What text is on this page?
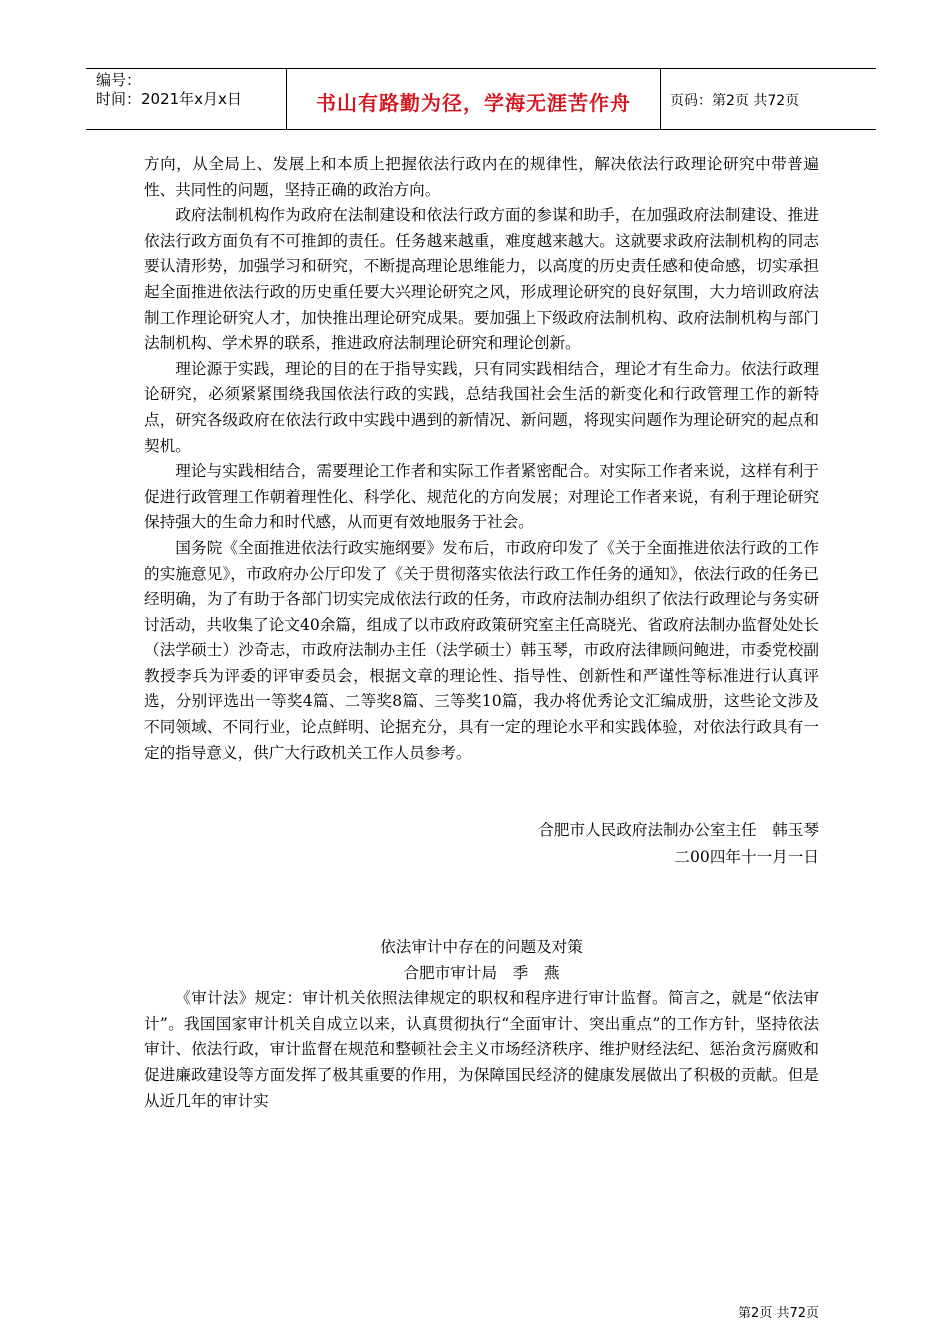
编号：
时间：2021年x月x日	书山有路勤为径，学海无涯苦作舟	页码：第2页 共72页

方向，从全局上、发展上和本质上把握依法行政内在的规律性，解决依法行政理论研究中带普遍性、共同性的问题，坚持正确的政治方向。

政府法制机构作为政府在法制建设和依法行政方面的参谋和助手，在加强政府法制建设、推进依法行政方面负有不可推卸的责任。任务越来越重，难度越来越大。这就要求政府法制机构的同志要认清形势，加强学习和研究，不断提高理论思维能力，以高度的历史责任感和使命感，切实承担起全面推进依法行政的历史重任要大兴理论研究之风，形成理论研究的良好氛围，大力培训政府法制工作理论研究人才，加快推出理论研究成果。要加强上下级政府法制机构、政府法制机构与部门法制机构、学术界的联系，推进政府法制理论研究和理论创新。

理论源于实践，理论的目的在于指导实践，只有同实践相结合，理论才有生命力。依法行政理论研究，必须紧紧围绕我国依法行政的实践，总结我国社会生活的新变化和行政管理工作的新特点，研究各级政府在依法行政中实践中遇到的新情况、新问题，将现实问题作为理论研究的起点和契机。

理论与实践相结合，需要理论工作者和实际工作者紧密配合。对实际工作者来说，这样有利于促进行政管理工作朝着理性化、科学化、规范化的方向发展；对理论工作者来说，有利于理论研究保持强大的生命力和时代感，从而更有效地服务于社会。

国务院《全面推进依法行政实施纲要》发布后，市政府印发了《关于全面推进依法行政的工作的实施意见》，市政府办公厅印发了《关于贯彻落实依法行政工作任务的通知》，依法行政的任务已经明确，为了有助于各部门切实完成依法行政的任务，市政府法制办组织了依法行政理论与务实研讨活动，共收集了论文40余篇，组成了以市政府政策研究室主任高晓光、省政府法制办监督处处长（法学硕士）沙奇志，市政府法制办主任（法学硕士）韩玉琴，市政府法律顾问鲍进，市委党校副教授李兵为评委的评审委员会，根据文章的理论性、指导性、创新性和严谨性等标准进行认真评选，分别评选出一等奖4篇、二等奖8篇、三等奖10篇，我办将优秀论文汇编成册，这些论文涉及不同领域、不同行业，论点鲜明、论据充分，具有一定的理论水平和实践体验，对依法行政具有一定的指导意义，供广大行政机关工作人员参考。

合肥市人民政府法制办公室主任　韩玉琴
二00四年十一月一日
依法审计中存在的问题及对策
合肥市审计局　季　燕

《审计法》规定：审计机关依照法律规定的职权和程序进行审计监督。简言之，就是“依法审计”。我国国家审计机关自成立以来，认真贯彻执行“全面审计、突出重点”的工作方针，坚持依法审计、依法行政，审计监督在规范和整顿社会主义市场经济秩序、维护财经法纪、惩治贪污腐败和促进廉政建设等方面发挥了极其重要的作用，为保障国民经济的健康发展做出了积极的贡献。但是从近几年的审计实

第2页 共72页
